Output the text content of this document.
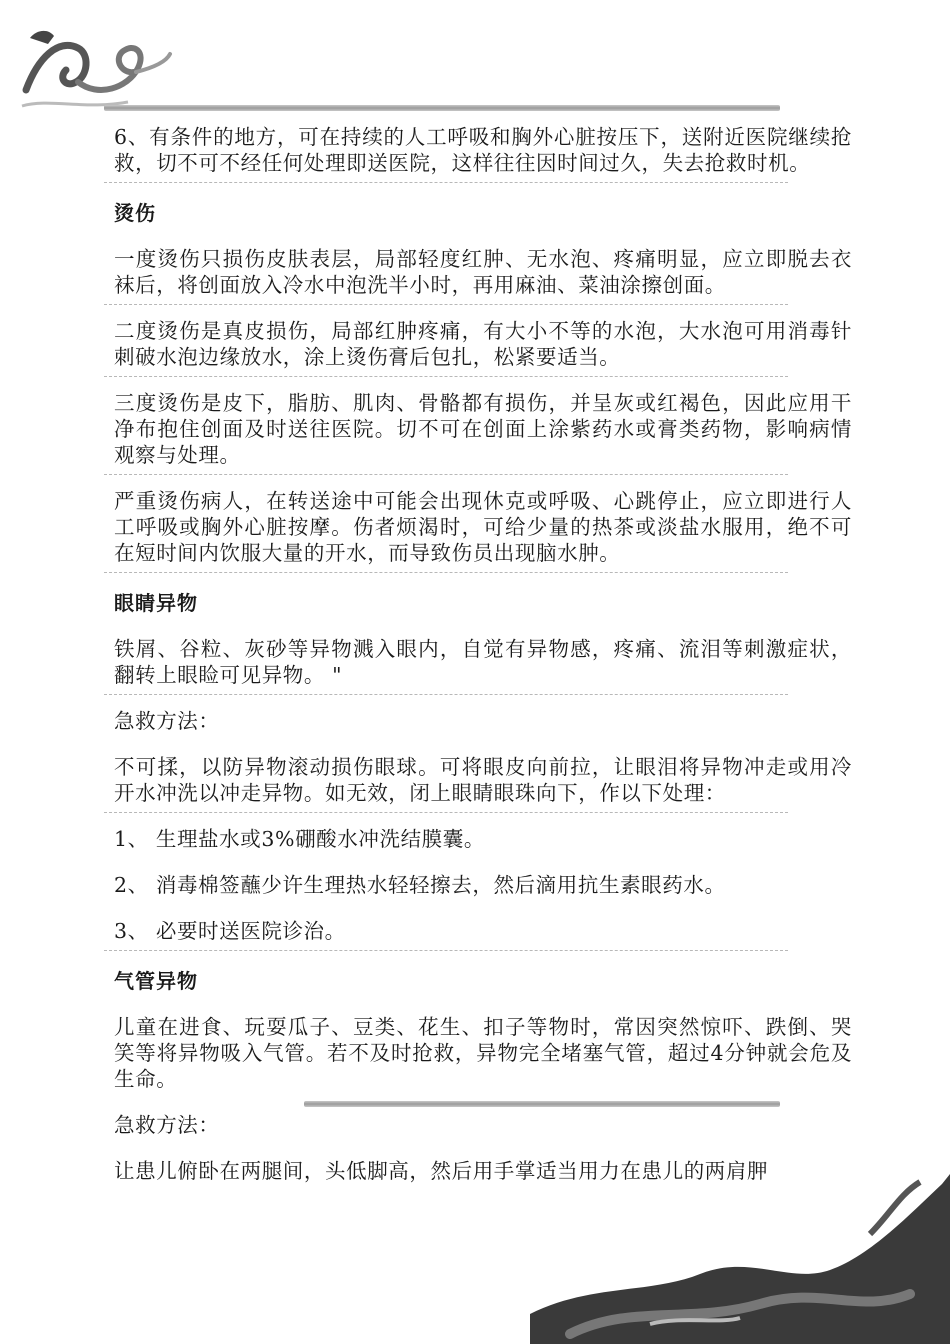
6、有条件的地方，可在持续的人工呼吸和胸外心脏按压下，送附近医院继续抢救，切不可不经任何处理即送医院，这样往往因时间过久，失去抢救时机。

烫伤

一度烫伤只损伤皮肤表层，局部轻度红肿、无水泡、疼痛明显，应立即脱去衣袜后，将创面放入冷水中泡洗半小时，再用麻油、菜油涂擦创面。

二度烫伤是真皮损伤，局部红肿疼痛，有大小不等的水泡，大水泡可用消毒针刺破水泡边缘放水，涂上烫伤膏后包扎，松紧要适当。

三度烫伤是皮下，脂肪、肌肉、骨骼都有损伤，并呈灰或红褐色，因此应用干净布抱住创面及时送往医院。切不可在创面上涂紫药水或膏类药物，影响病情观察与处理。

严重烫伤病人，在转送途中可能会出现休克或呼吸、心跳停止，应立即进行人工呼吸或胸外心脏按摩。伤者烦渴时，可给少量的热茶或淡盐水服用，绝不可在短时间内饮服大量的开水，而导致伤员出现脑水肿。

眼睛异物

铁屑、谷粒、灰砂等异物溅入眼内，自觉有异物感，疼痛、流泪等刺激症状，翻转上眼睑可见异物。 "

急救方法：

不可揉，以防异物滚动损伤眼球。可将眼皮向前拉，让眼泪将异物冲走或用冷开水冲洗以冲走异物。如无效，闭上眼睛眼珠向下，作以下处理：

1、 生理盐水或3%硼酸水冲洗结膜囊。

2、 消毒棉签蘸少许生理热水轻轻擦去，然后滴用抗生素眼药水。

3、 必要时送医院诊治。

气管异物

儿童在进食、玩耍瓜子、豆类、花生、扣子等物时，常因突然惊吓、跌倒、哭笑等将异物吸入气管。若不及时抢救，异物完全堵塞气管，超过4分钟就会危及生命。

急救方法：

让患儿俯卧在两腿间，头低脚高，然后用手掌适当用力在患儿的两肩胛
